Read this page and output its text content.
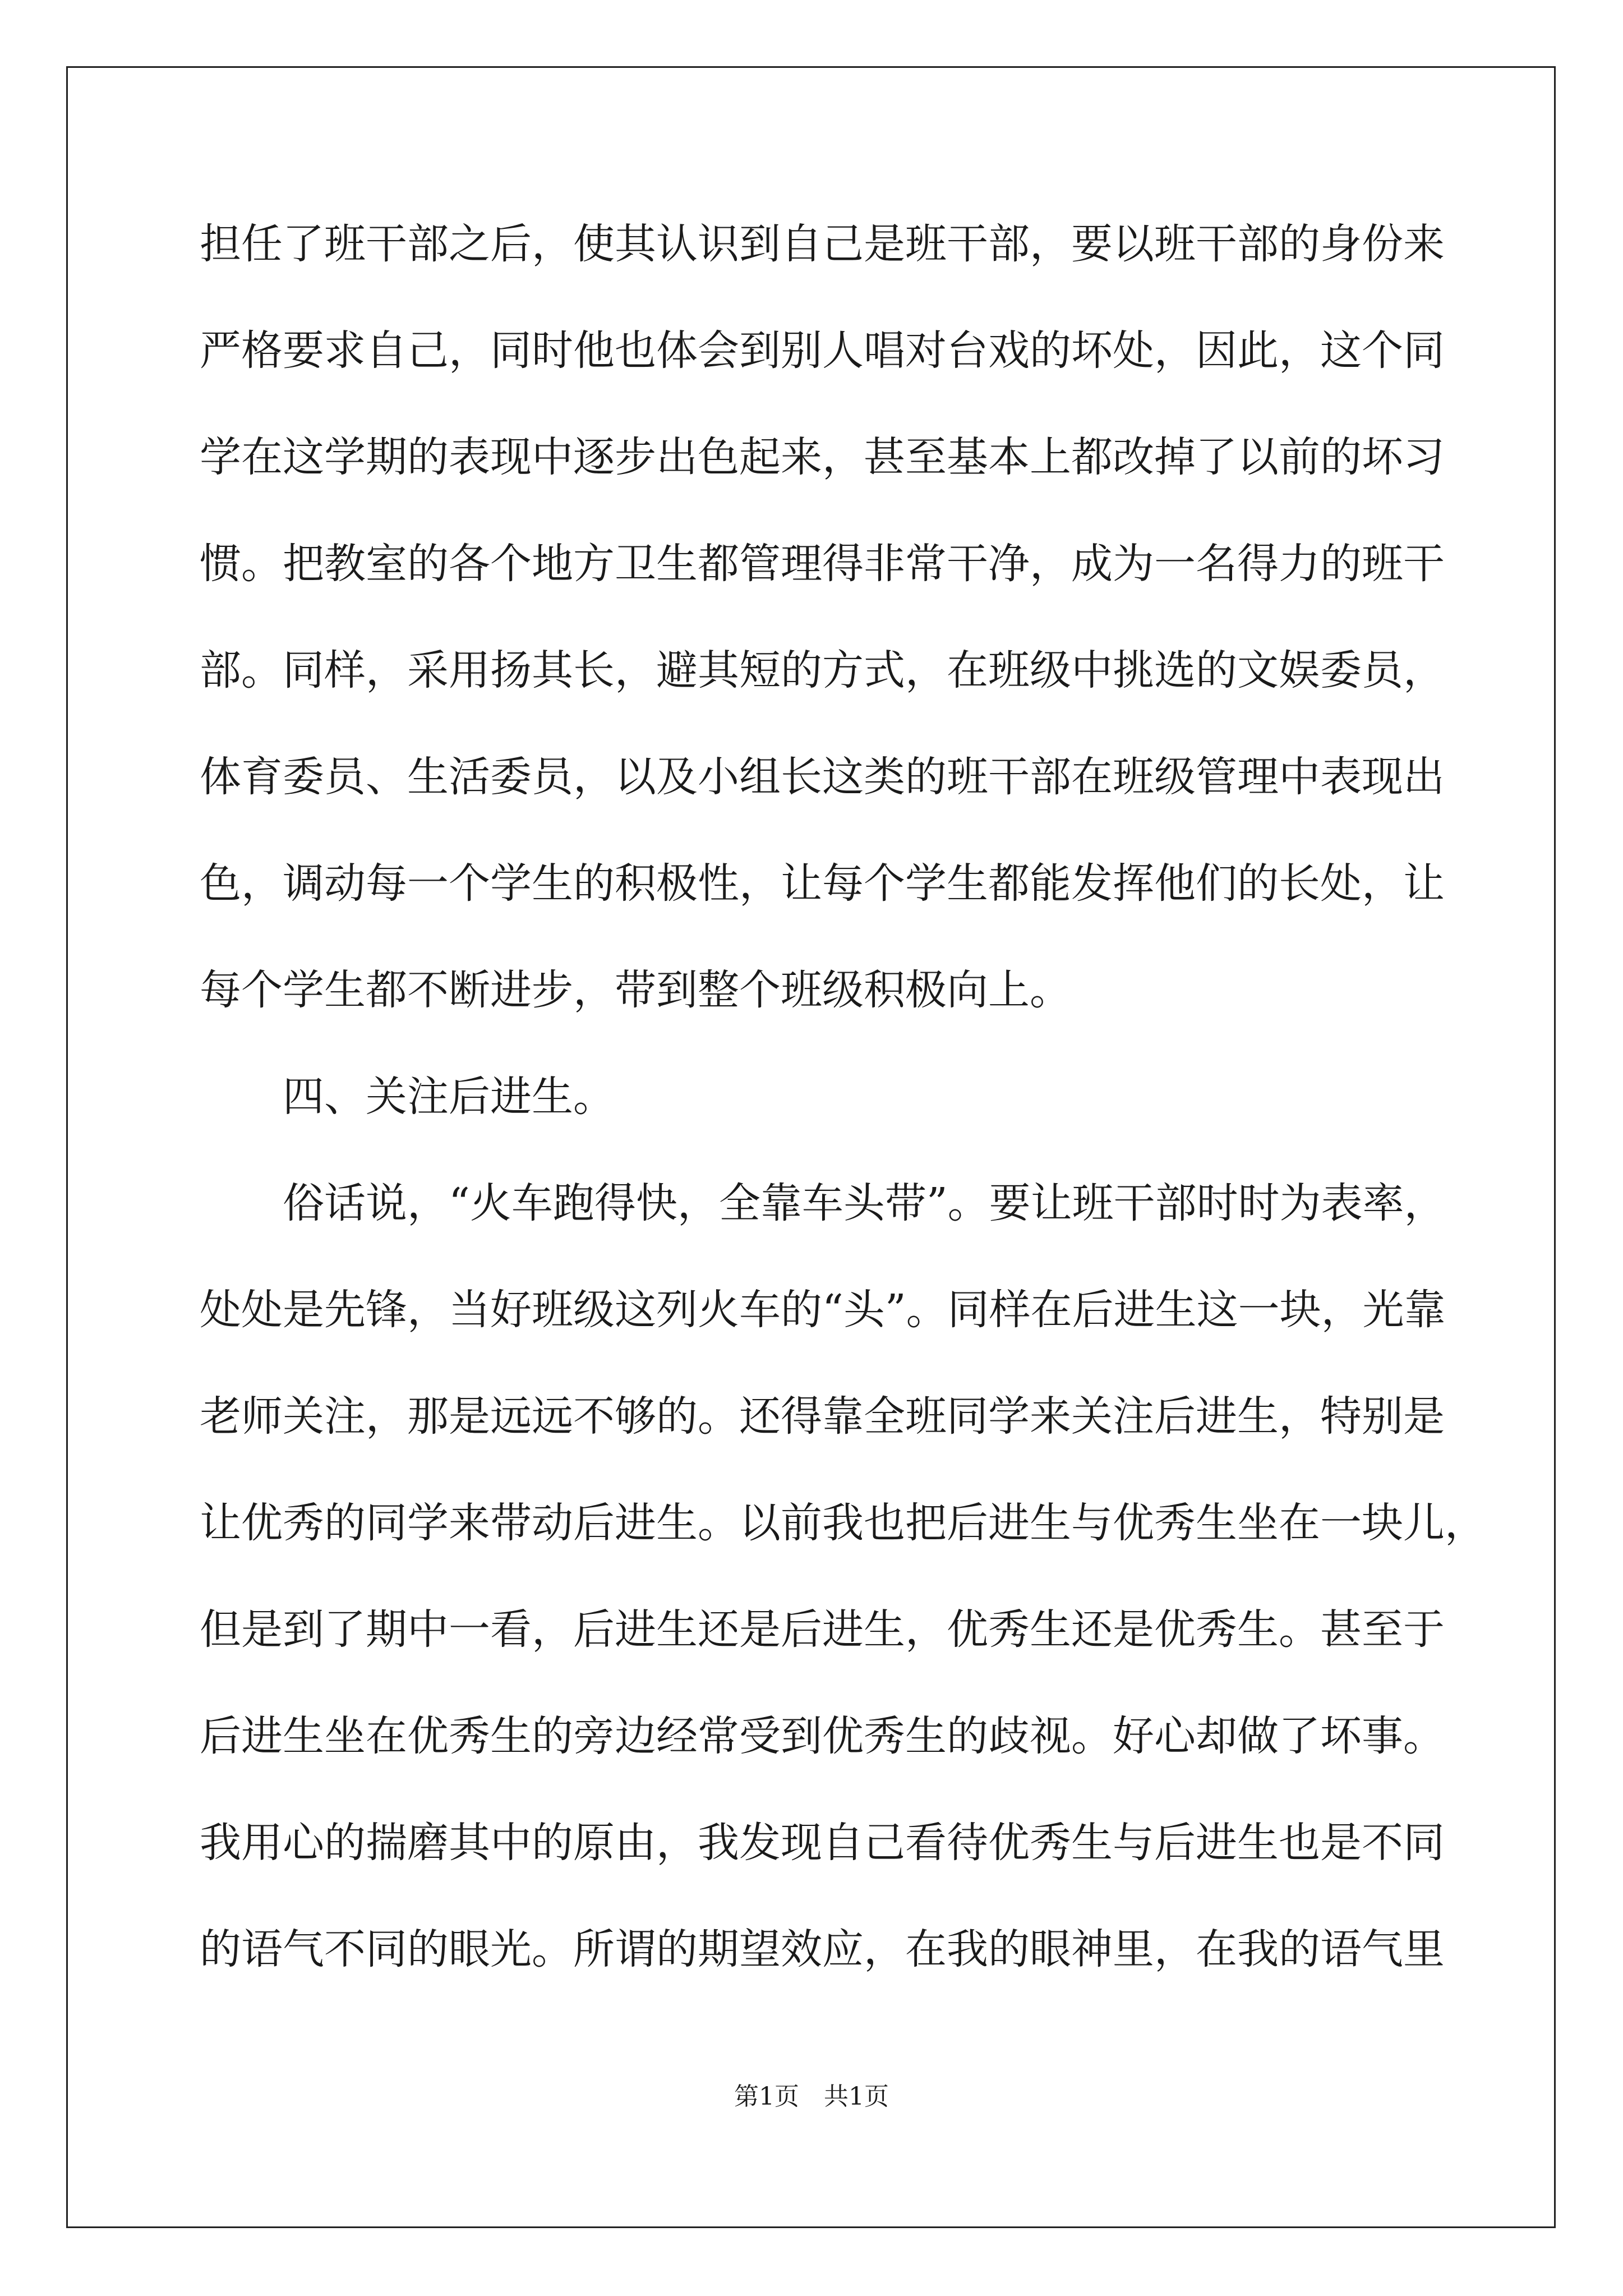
担任了班干部之后，使其认识到自己是班干部，要以班干部的身份来
严格要求自己，同时他也体会到别人唱对台戏的坏处，因此，这个同
学在这学期的表现中逐步出色起来，甚至基本上都改掉了以前的坏习
惯。把教室的各个地方卫生都管理得非常干净，成为一名得力的班干
部。同样，采用扬其长，避其短的方式，在班级中挑选的文娱委员，
体育委员、生活委员，以及小组长这类的班干部在班级管理中表现出
色，调动每一个学生的积极性，让每个学生都能发挥他们的长处，让
每个学生都不断进步，带到整个班级积极向上。
四、关注后进生。
俗话说，“火车跑得快，全靠车头带”。要让班干部时时为表率，
处处是先锋，当好班级这列火车的“头”。同样在后进生这一块，光靠
老师关注，那是远远不够的。还得靠全班同学来关注后进生，特别是
让优秀的同学来带动后进生。以前我也把后进生与优秀生坐在一块儿，
但是到了期中一看，后进生还是后进生，优秀生还是优秀生。甚至于
后进生坐在优秀生的旁边经常受到优秀生的歧视。好心却做了坏事。
我用心的揣磨其中的原由，我发现自己看待优秀生与后进生也是不同
的语气不同的眼光。所谓的期望效应，在我的眼神里，在我的语气里
第1页　共1页
